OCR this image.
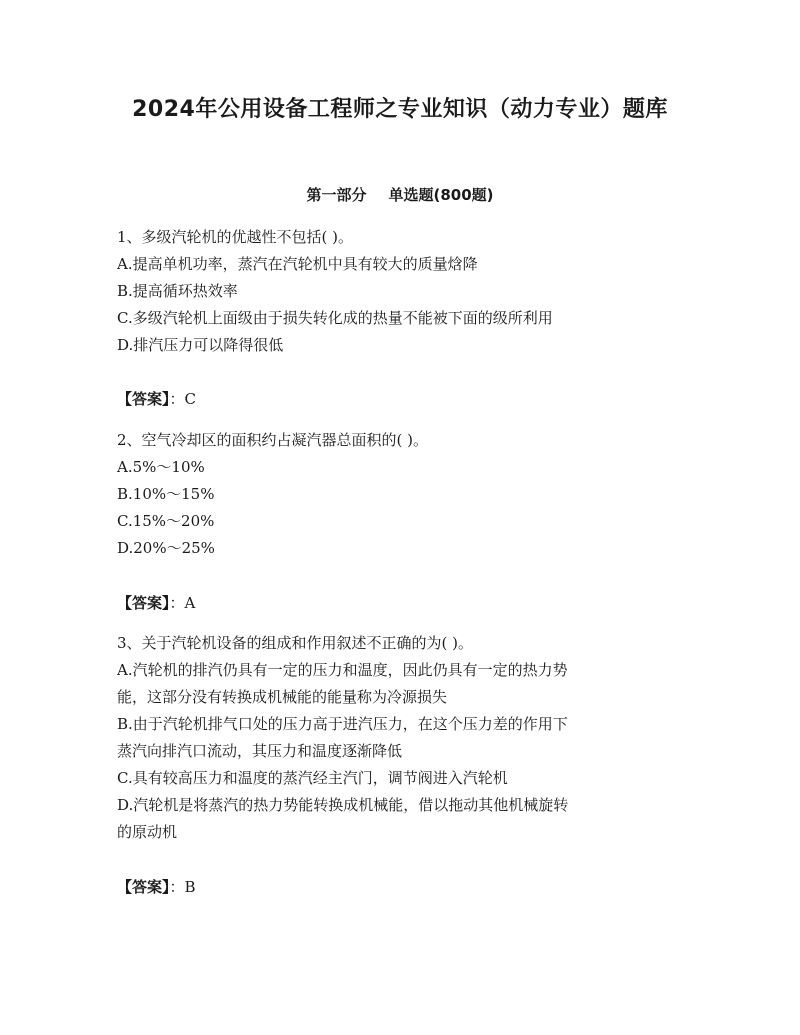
2024年公用设备工程师之专业知识（动力专业）题库
第一部分 单选题(800题)
1、多级汽轮机的优越性不包括( )。
A.提高单机功率，蒸汽在汽轮机中具有较大的质量焓降
B.提高循环热效率
C.多级汽轮机上面级由于损失转化成的热量不能被下面的级所利用
D.排汽压力可以降得很低
【答案】：C
2、空气冷却区的面积约占凝汽器总面积的( )。
A.5%～10%
B.10%～15%
C.15%～20%
D.20%～25%
【答案】：A
3、关于汽轮机设备的组成和作用叙述不正确的为( )。
A.汽轮机的排汽仍具有一定的压力和温度，因此仍具有一定的热力势
能，这部分没有转换成机械能的能量称为冷源损失
B.由于汽轮机排气口处的压力高于进汽压力，在这个压力差的作用下
蒸汽向排汽口流动，其压力和温度逐渐降低
C.具有较高压力和温度的蒸汽经主汽门，调节阀进入汽轮机
D.汽轮机是将蒸汽的热力势能转换成机械能，借以拖动其他机械旋转
的原动机
【答案】：B
